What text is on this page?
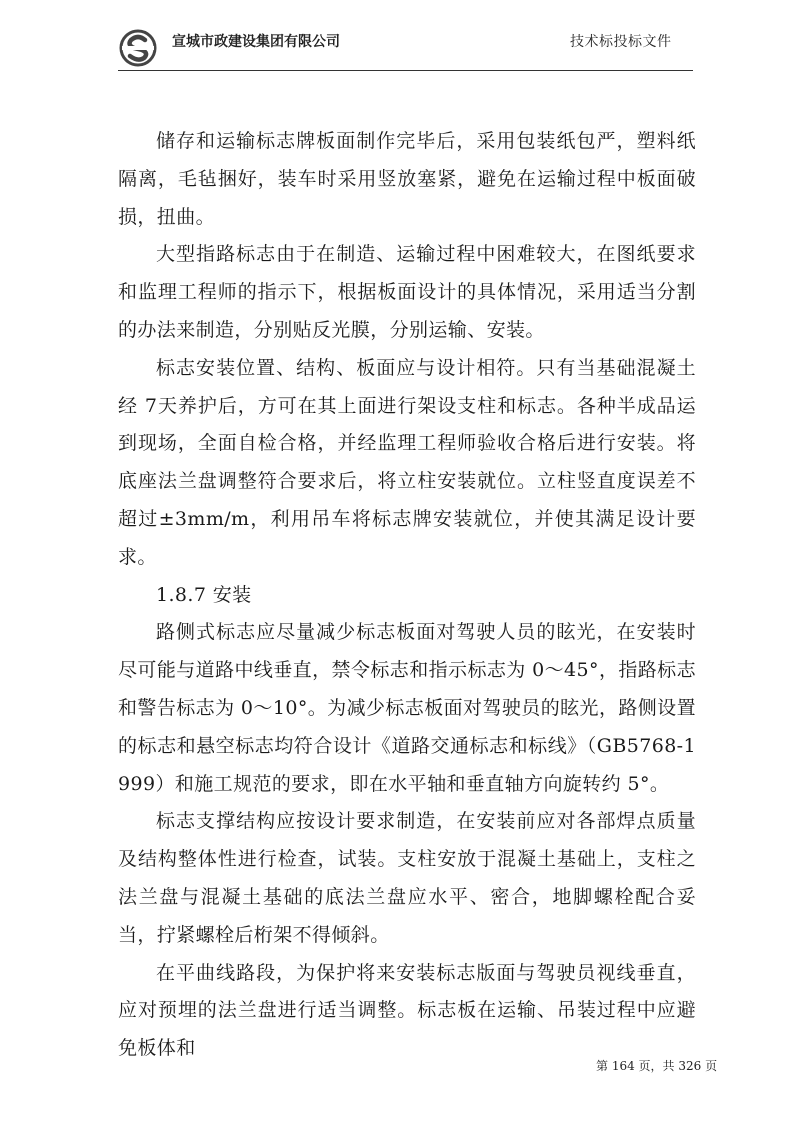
宣城市政建设集团有限公司	技术标投标文件

储存和运输标志牌板面制作完毕后，采用包装纸包严，塑料纸隔离，毛毡捆好，装车时采用竖放塞紧，避免在运输过程中板面破损，扭曲。

大型指路标志由于在制造、运输过程中困难较大，在图纸要求和监理工程师的指示下，根据板面设计的具体情况，采用适当分割的办法来制造，分别贴反光膜，分别运输、安装。

标志安装位置、结构、板面应与设计相符。只有当基础混凝土经 7天养护后，方可在其上面进行架设支柱和标志。各种半成品运到现场，全面自检合格，并经监理工程师验收合格后进行安装。将底座法兰盘调整符合要求后，将立柱安装就位。立柱竖直度误差不超过±3mm/m，利用吊车将标志牌安装就位，并使其满足设计要求。

1.8.7 安装

路侧式标志应尽量减少标志板面对驾驶人员的眩光，在安装时尽可能与道路中线垂直，禁令标志和指示标志为 0～45°，指路标志和警告标志为 0～10°。为减少标志板面对驾驶员的眩光，路侧设置的标志和悬空标志均符合设计《道路交通标志和标线》（GB5768-1999）和施工规范的要求，即在水平轴和垂直轴方向旋转约 5°。

标志支撑结构应按设计要求制造，在安装前应对各部焊点质量及结构整体性进行检查，试装。支柱安放于混凝土基础上，支柱之法兰盘与混凝土基础的底法兰盘应水平、密合，地脚螺栓配合妥当，拧紧螺栓后桁架不得倾斜。

在平曲线路段，为保护将来安装标志版面与驾驶员视线垂直，应对预埋的法兰盘进行适当调整。标志板在运输、吊装过程中应避免板体和

第 164 页，共 326 页
